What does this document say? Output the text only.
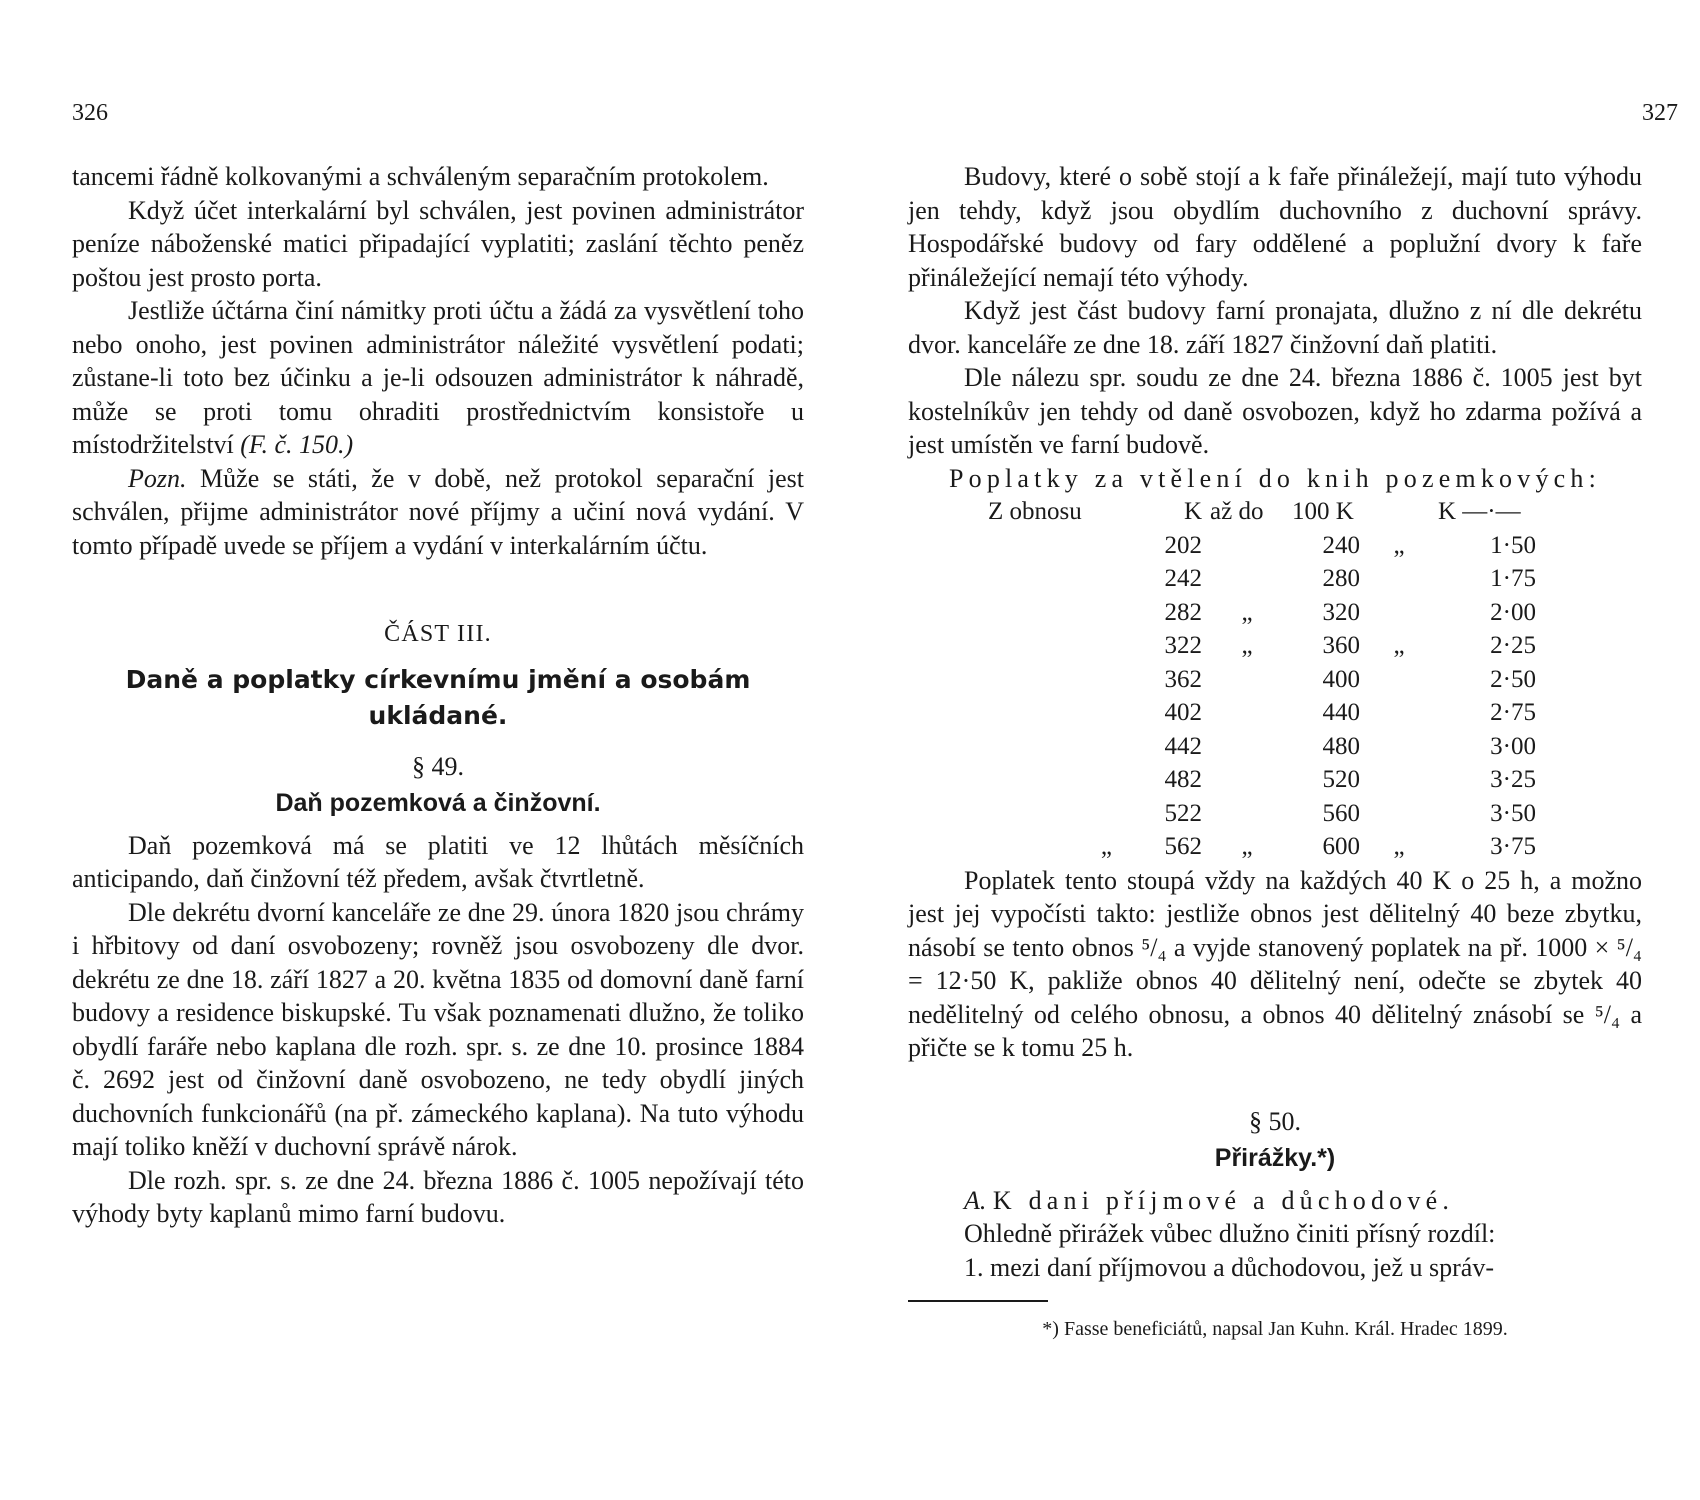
326

tancemi řádně kolkovanými a schváleným separačním protokolem.

Když účet interkalární byl schválen, jest povinen administrátor peníze náboženské matici připadající vyplatiti; zaslání těchto peněz poštou jest prosto porta.

Jestliže účtárna činí námitky proti účtu a žádá za vysvětlení toho nebo onoho, jest povinen administrátor náležité vysvětlení podati; zůstane-li toto bez účinku a je-li odsouzen administrátor k náhradě, může se proti tomu ohraditi prostřednictvím konsistoře u místodržitelství (F. č. 150.)

Pozn. Může se státi, že v době, než protokol separační jest schválen, přijme administrátor nové příjmy a učiní nová vydání. V tomto případě uvede se příjem a vydání v interkalárním účtu.

ČÁST III.
Daně a poplatky církevnímu jmění a osobám ukládané.
§ 49.
Daň pozemková a činžovní.

Daň pozemková má se platiti ve 12 lhůtách měsíčních anticipando, daň činžovní též předem, avšak čtvrtletně.

Dle dekrétu dvorní kanceláře ze dne 29. února 1820 jsou chrámy i hřbitovy od daní osvobozeny; rovněž jsou osvobozeny dle dvor. dekrétu ze dne 18. září 1827 a 20. května 1835 od domovní daně farní budovy a residence biskupské. Tu však poznamenati dlužno, že toliko obydlí faráře nebo kaplana dle rozh. spr. s. ze dne 10. prosince 1884 č. 2692 jest od činžovní daně osvobozeno, ne tedy obydlí jiných duchovních funkcionářů (na př. zámeckého kaplana). Na tuto výhodu mají toliko kněží v duchovní správě nárok.

Dle rozh. spr. s. ze dne 24. března 1886 č. 1005 nepožívají této výhody byty kaplanů mimo farní budovu.

327

Budovy, které o sobě stojí a k faře přináležejí, mají tuto výhodu jen tehdy, když jsou obydlím duchovního z duchovní správy. Hospodářské budovy od fary oddělené a poplužní dvory k faře přináležející nemají této výhody.

Když jest část budovy farní pronajata, dlužno z ní dle dekrétu dvor. kanceláře ze dne 18. září 1827 činžovní daň platiti.

Dle nálezu spr. soudu ze dne 24. března 1886 č. 1005 jest byt kostelníkův jen tehdy od daně osvobozen, když ho zdarma požívá a jest umístěn ve farní budově.

Poplatky za vtělení do knih pozemkových:
Z obnosu	K	až do	100 K		K —·—
	202		240	„	1·50
	242		280		1·75
	282	„	320		2·00
	322	„	360	„	2·25
	362		400		2·50
	402		440		2·75
	442		480		3·00
	482		520		3·25
	522		560		3·50
„	562	„	600	„	3·75

Poplatek tento stoupá vždy na každých 40 K o 25 h, a možno jest jej vypočísti takto: jestliže obnos jest dělitelný 40 beze zbytku, násobí se tento obnos ⁵/₄ a vyjde stanovený poplatek na př. 1000 × ⁵/₄ = 12·50 K, pakliže obnos 40 dělitelný není, odečte se zbytek 40 nedělitelný od celého obnosu, a obnos 40 dělitelný znásobí se ⁵/₄ a přičte se k tomu 25 h.

§ 50.
Přirážky.*)

A. K dani příjmové a důchodové.

Ohledně přirážek vůbec dlužno činiti přísný rozdíl:

1. mezi daní příjmovou a důchodovou, jež u správ-

*) Fasse beneficiátů, napsal Jan Kuhn. Král. Hradec 1899.
